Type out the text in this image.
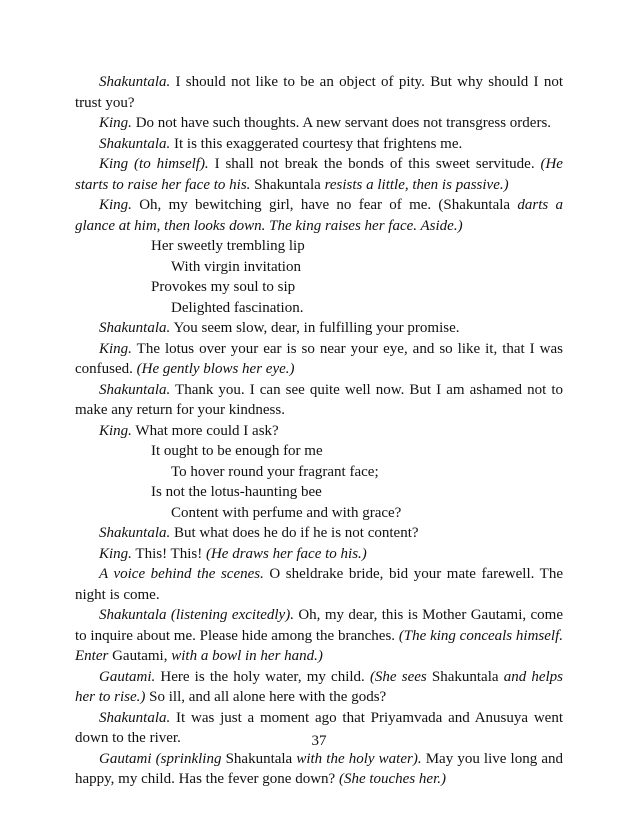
Shakuntala. I should not like to be an object of pity. But why should I not trust you?

King. Do not have such thoughts. A new servant does not transgress orders.

Shakuntala. It is this exaggerated courtesy that frightens me.

King (to himself). I shall not break the bonds of this sweet servitude. (He starts to raise her face to his. Shakuntala resists a little, then is passive.)

King. Oh, my bewitching girl, have no fear of me. (Shakuntala darts a glance at him, then looks down. The king raises her face. Aside.)

Her sweetly trembling lip
With virgin invitation
Provokes my soul to sip
Delighted fascination.

Shakuntala. You seem slow, dear, in fulfilling your promise.

King. The lotus over your ear is so near your eye, and so like it, that I was confused. (He gently blows her eye.)

Shakuntala. Thank you. I can see quite well now. But I am ashamed not to make any return for your kindness.

King. What more could I ask?

It ought to be enough for me
To hover round your fragrant face;
Is not the lotus-haunting bee
Content with perfume and with grace?

Shakuntala. But what does he do if he is not content?

King. This! This! (He draws her face to his.)

A voice behind the scenes. O sheldrake bride, bid your mate farewell. The night is come.

Shakuntala (listening excitedly). Oh, my dear, this is Mother Gautami, come to inquire about me. Please hide among the branches. (The king conceals himself. Enter Gautami, with a bowl in her hand.)

Gautami. Here is the holy water, my child. (She sees Shakuntala and helps her to rise.) So ill, and all alone here with the gods?

Shakuntala. It was just a moment ago that Priyamvada and Anusuya went down to the river.

Gautami (sprinkling Shakuntala with the holy water). May you live long and happy, my child. Has the fever gone down? (She touches her.)

37
